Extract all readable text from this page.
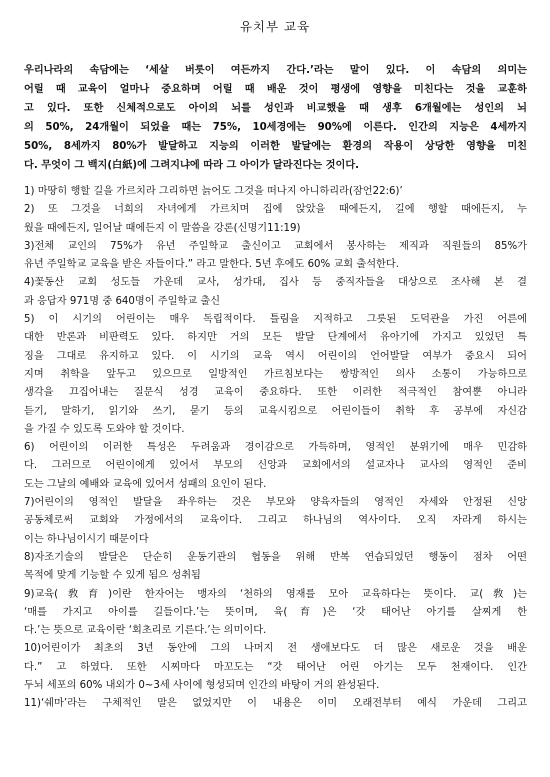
유치부 교육
우리나라의 속담에는 ‘세살 버릇이 여든까지 간다.’라는 말이 있다. 이 속담의 의미는
어릴 때 교육이 얼마나 중요하며 어릴 때 배운 것이 평생에 영향을 미친다는 것을 교훈하
고 있다. 또한 신체적으로도 아이의 뇌를 성인과 비교했을 때 생후 6개월에는 성인의 뇌
의 50%, 24개월이 되었을 때는 75%, 10세경에는 90%에 이른다. 인간의 지능은 4세까지
50%, 8세까지 80%가 발달하고 지능의 이러한 발달에는 환경의 작용이 상당한 영향을 미친
다. 무엇이 그 백지(白紙)에 그려지냐에 따라 그 아이가 달라진다는 것이다.
1) 마땅히 행할 길을 가르치라 그리하면 늙어도 그것을 떠나지 아니하리라(잠언22:6)’
2) 또 그것을 너희의 자녀에게 가르치며 집에 앉았을 때에든지, 길에 행할 때에든지, 누
웠을 때에든지, 일어날 때에든지 이 말씀을 강론(신명기11:19)
3)전체 교인의 75%가 유년 주일학교 출신이고 교회에서 봉사하는 제직과 직원들의 85%가
유년 주일학교 교육을 받은 자들이다.” 라고 말한다. 5년 후에도 60% 교회 출석한다.
4)꽃동산 교회 성도들 가운데 교사, 성가대, 집사 등 중직자들을 대상으로 조사해 본 결
과 응답자 971명 중 640명이 주일학교 출신
5) 이 시기의 어린이는 매우 독립적이다. 틀림을 지적하고 그릇된 도덕관을 가진 어른에
대한 반론과 비판력도 있다. 하지만 거의 모든 발달 단계에서 유아기에 가지고 있었던 특
징을 그대로 유지하고 있다. 이 시기의 교육 역시 어린이의 언어발달 여부가 중요시 되어
지며 취학을 앞두고 있으므로 일방적인 가르침보다는 쌍방적인 의사 소통이 가능하므로
생각을 끄집어내는 질문식 성경 교육이 중요하다. 또한 이러한 적극적인 참여뿐 아니라
듣기, 말하기, 읽기와 쓰기, 묻기 등의 교육시킴으로 어린이들이 취학 후 공부에 자신감
을 가질 수 있도록 도와야 할 것이다.
6) 어린이의 이러한 특성은 두려움과 경이감으로 가득하며, 영적인 분위기에 매우 민감하
다. 그러므로 어린이에게 있어서 부모의 신앙과 교회에서의 설교자나 교사의 영적인 준비
도는 그날의 예배와 교육에 있어서 성패의 요인이 된다.
7)어린이의 영적인 발달을 좌우하는 것은 부모와 양육자들의 영적인 자세와 안정된 신앙
공동체로써 교회와 가정에서의 교육이다. 그리고 하나님의 역사이다. 오직 자라게 하시는
이는 하나님이시기 때문이다
8)자조기술의 발달은 단순히 운동기관의 협동을 위해 반복 연습되었던 행동이 점차 어떤
목적에 맞게 기능할 수 있게 됨으 성취됨
9)교육(敎育)이란 한자어는 맹자의 ‘천하의 영재를 모아 교육하다는 뜻이다. 교(敎)는
‘매를 가지고 아이를 길들이다.’는 뜻이며, 육(育)은 ‘갓 태어난 아기를 살찌게 한
다.’는 뜻으로 교육이란 ‘회초리로 기른다.’는 의미이다.
10)어린이가 최초의 3년 동안에 그의 나머지 전 생애보다도 더 많은 새로운 것을 배운
다.” 고 하였다. 또한 시찌마다 마꼬도는 “갓 태어난 어린 아기는 모두 천재이다. 인간
두뇌 세포의 60% 내외가 0~3세 사이에 형성되며 인간의 바탕이 거의 완성된다.
11)‘쉐마’라는 구체적인 말은 없었지만 이 내용은 이미 오래전부터 예식 가운데 그리고
